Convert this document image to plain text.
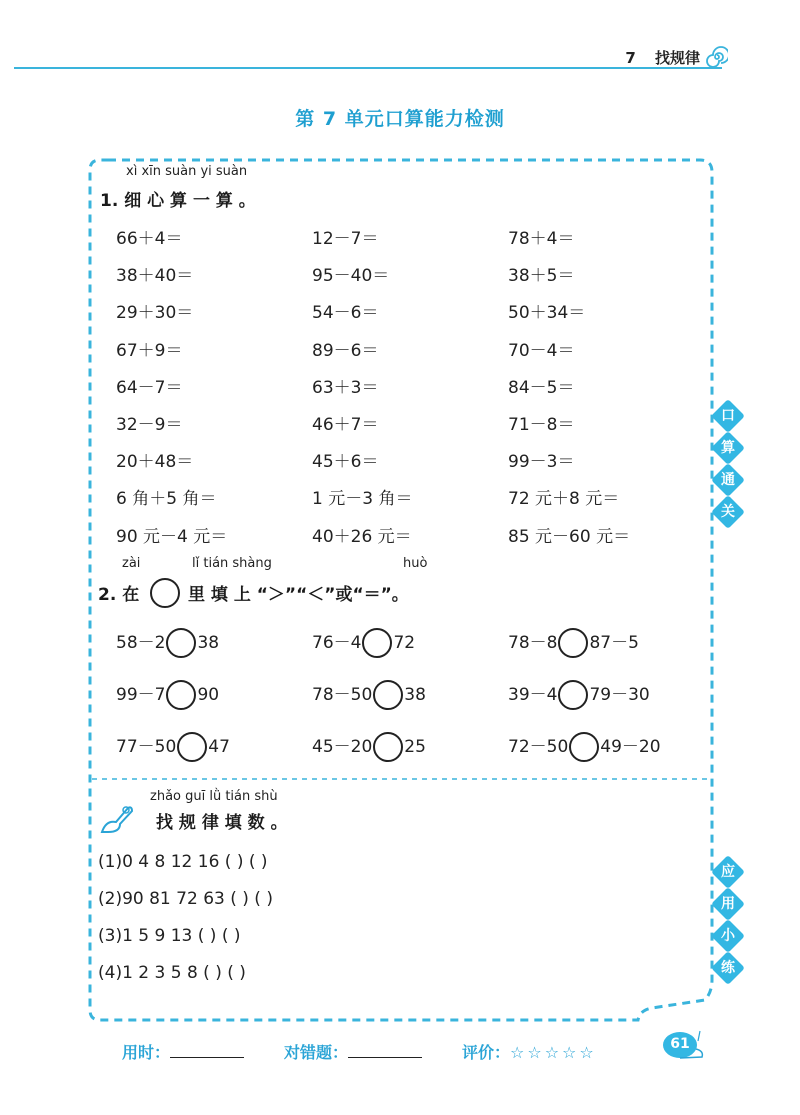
7 找规律
第 7 单元口算能力检测
xì xīn suàn yi suàn
1. 细 心 算 一 算 。
66＋4＝	12－7＝	78＋4＝
38＋40＝	95－40＝	38＋5＝
29＋30＝	54－6＝	50＋34＝
67＋9＝	89－6＝	70－4＝
64－7＝	63＋3＝	84－5＝
32－9＝	46＋7＝	71－8＝
20＋48＝	45＋6＝	99－3＝
6 角＋5 角＝	1 元－3 角＝	72 元＋8 元＝
90 元－4 元＝	40＋26 元＝	85 元－60 元＝
zài	lǐ tián shàng	huò
2. 在	里 填 上 “＞”“＜”或“＝”。
58－2 38	76－4 72	78－8 87－5
99－7 90	78－50 38	39－4 79－30
77－50 47	45－20 25	72－50 49－20
zhǎo guī lǜ tián shù
找 规 律 填 数 。
(1)0 4 8 12 16 ( ) ( )
(2)90 81 72 63 ( ) ( )
(3)1 5 9 13 ( ) ( )
(4)1 2 3 5 8 ( ) ( )
口
算
通
关
应
用
小
练
用时：	对错题：	评价：☆☆☆☆☆	61
